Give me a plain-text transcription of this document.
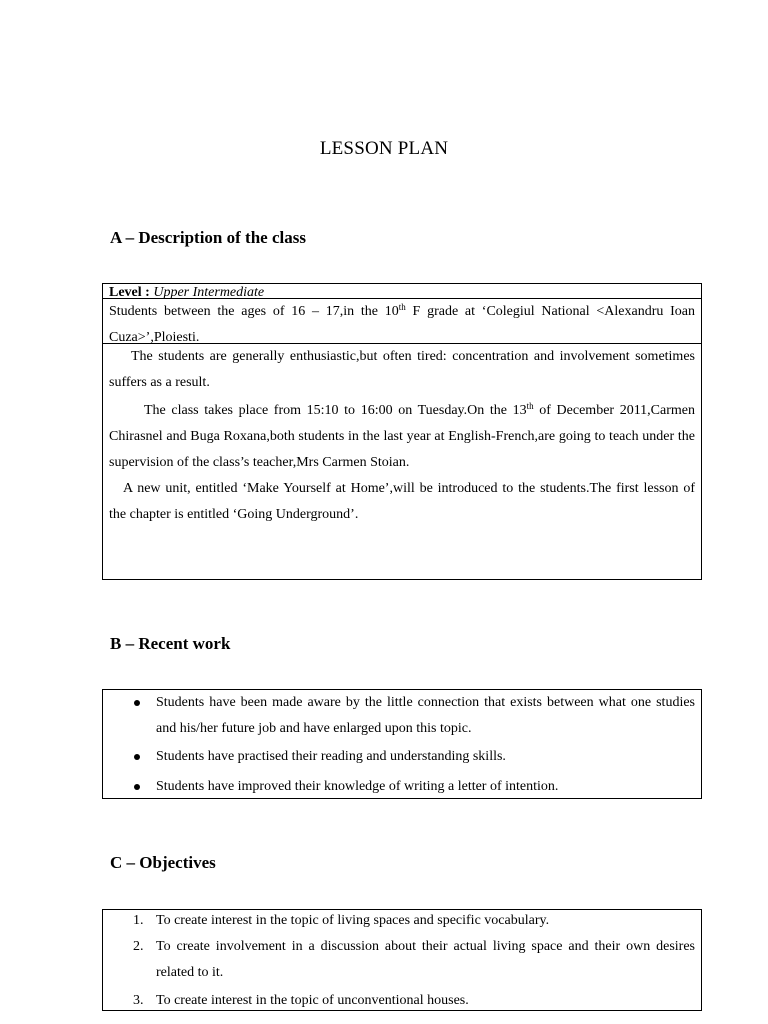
LESSON PLAN
A – Description of the class
Level : Upper Intermediate
Students between the ages of 16 – 17,in the 10th F grade at ‘Colegiul National <Alexandru Ioan Cuza>’,Ploiesti.

The students are generally enthusiastic,but often tired: concentration and involvement sometimes suffers as a result.

The class takes place from 15:10 to 16:00 on Tuesday.On the 13th of December 2011,Carmen Chirasnel and Buga Roxana,both students in the last year at English-French,are going to teach under the supervision of the class’s teacher,Mrs Carmen Stoian.

A new unit, entitled ‘Make Yourself at Home’,will be introduced to the students.The first lesson of the chapter is entitled ‘Going Underground’.

B – Recent work
Students have been made aware by the little connection that exists between what one studies and his/her future job and have enlarged upon this topic.
Students have practised their reading and understanding skills.
Students have improved their knowledge of writing a letter of intention.
C – Objectives
1. To create interest in the topic of living spaces and specific vocabulary.
2. To create involvement in a discussion about their actual living space and their own desires related to it.
3. To create interest in the topic of unconventional houses.
